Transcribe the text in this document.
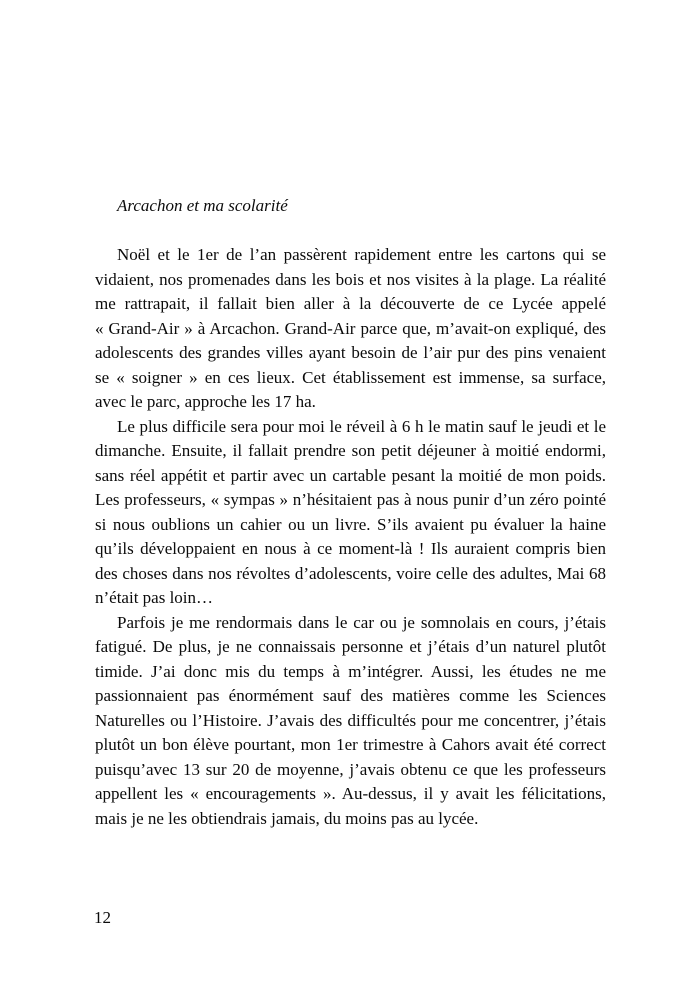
Arcachon et ma scolarité

Noël et le 1er de l’an passèrent rapidement entre les cartons qui se vidaient, nos promenades dans les bois et nos visites à la plage. La réalité me rattrapait, il fallait bien aller à la découverte de ce Lycée appelé « Grand-Air » à Arcachon. Grand-Air parce que, m’avait-on expliqué, des adolescents des grandes villes ayant besoin de l’air pur des pins venaient se « soigner » en ces lieux. Cet établissement est immense, sa surface, avec le parc, approche les 17 ha.

Le plus difficile sera pour moi le réveil à 6 h le matin sauf le jeudi et le dimanche. Ensuite, il fallait prendre son petit déjeuner à moitié endormi, sans réel appétit et partir avec un cartable pesant la moitié de mon poids. Les professeurs, « sympas » n’hésitaient pas à nous punir d’un zéro pointé si nous oublions un cahier ou un livre. S’ils avaient pu évaluer la haine qu’ils développaient en nous à ce moment-là ! Ils auraient compris bien des choses dans nos révoltes d’adolescents, voire celle des adultes, Mai 68 n’était pas loin…

Parfois je me rendormais dans le car ou je somnolais en cours, j’étais fatigué. De plus, je ne connaissais personne et j’étais d’un naturel plutôt timide. J’ai donc mis du temps à m’intégrer. Aussi, les études ne me passionnaient pas énormément sauf des matières comme les Sciences Naturelles ou l’Histoire. J’avais des difficultés pour me concentrer, j’étais plutôt un bon élève pourtant, mon 1er trimestre à Cahors avait été correct puisqu’avec 13 sur 20 de moyenne, j’avais obtenu ce que les professeurs appellent les « encouragements ». Au-dessus, il y avait les félicitations, mais je ne les obtiendrais jamais, du moins pas au lycée.

12
